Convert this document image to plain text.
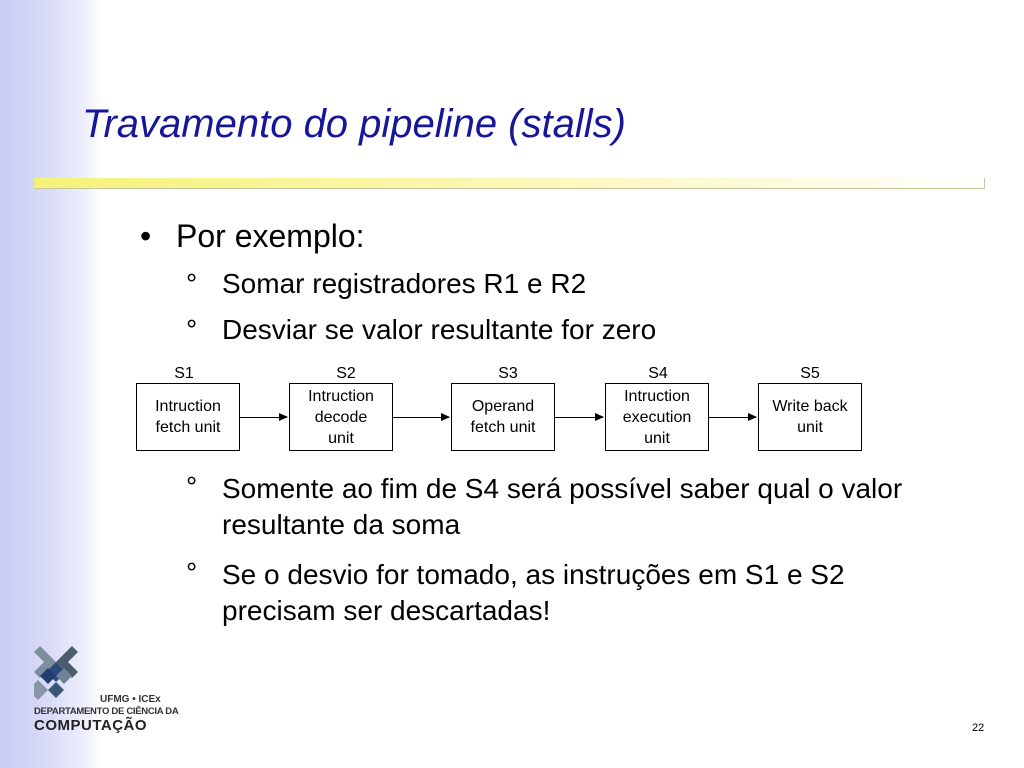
Travamento do pipeline (stalls)
• Por exemplo:
° Somar registradores R1 e R2
° Desviar se valor resultante for zero
S1	S2	S3	S4	S5
Intruction
fetch unit
Intruction
decode
unit
Operand
fetch unit
Intruction
execution
unit
Write back
unit
° Somente ao fim de S4 será possível saber qual o valor resultante da soma
° Se o desvio for tomado, as instruções em S1 e S2 precisam ser descartadas!
UFMG • ICEx
DEPARTAMENTO DE CIÊNCIA DA
COMPUTAÇÃO	22
